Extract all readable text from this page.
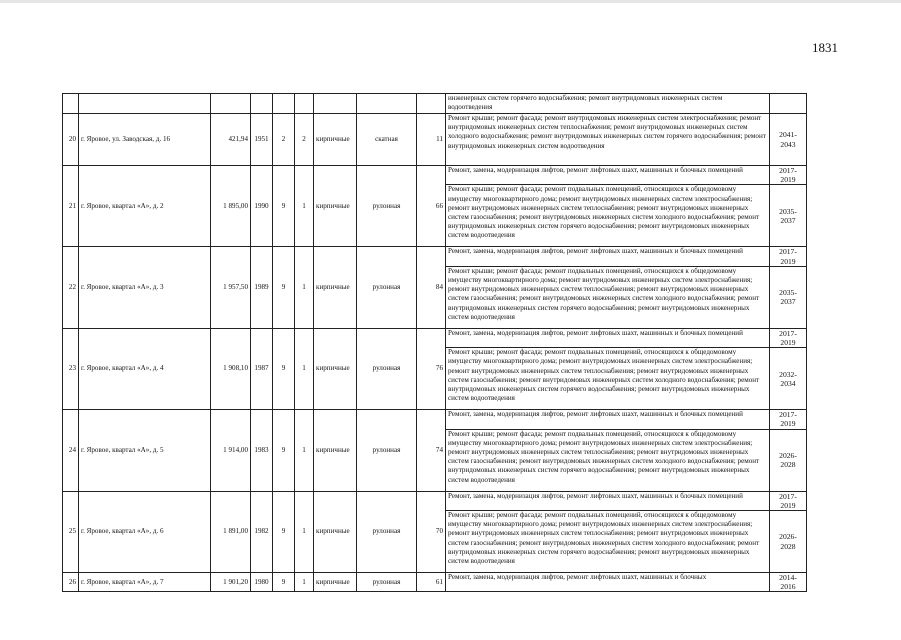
1831
									инженерных систем горячего водоснабжения; ремонт внутридомовых инженерных систем водоотведения	
20	г. Яровое, ул. Заводская, д. 16	421,94	1951	2	2	кирпичные	скатная	11	Ремонт крыши; ремонт фасада; ремонт внутридомовых инженерных систем электроснабжения; ремонт внутридомовых инженерных систем теплоснабжения; ремонт внутридомовых инженерных систем холодного водоснабжения; ремонт внутридомовых инженерных систем горячего водоснабжения; ремонт внутридомовых инженерных систем водоотведения	2041-2043
21	г. Яровое, квартал «А», д. 2	1 895,00	1990	9	1	кирпичные	рулонная	66	Ремонт, замена, модернизация лифтов, ремонт лифтовых шахт, машинных и блочных помещений	2017-2019
									Ремонт крыши; ремонт фасада; ремонт подвальных помещений, относящихся к общедомовому имуществу многоквартирного дома; ремонт внутридомовых инженерных систем электроснабжения; ремонт внутридомовых инженерных систем теплоснабжения; ремонт внутридомовых инженерных систем газоснабжения; ремонт внутридомовых инженерных систем холодного водоснабжения; ремонт внутридомовых инженерных систем горячего водоснабжения; ремонт внутридомовых инженерных систем водоотведения	2035-2037
22	г. Яровое, квартал «А», д. 3	1 957,50	1989	9	1	кирпичные	рулонная	84	Ремонт, замена, модернизация лифтов, ремонт лифтовых шахт, машинных и блочных помещений	2017-2019
									Ремонт крыши; ремонт фасада; ремонт подвальных помещений, относящихся к общедомовому имуществу многоквартирного дома; ремонт внутридомовых инженерных систем электроснабжения; ремонт внутридомовых инженерных систем теплоснабжения; ремонт внутридомовых инженерных систем газоснабжения; ремонт внутридомовых инженерных систем холодного водоснабжения; ремонт внутридомовых инженерных систем горячего водоснабжения; ремонт внутридомовых инженерных систем водоотведения	2035-2037
23	г. Яровое, квартал «А», д. 4	1 908,10	1987	9	1	кирпичные	рулонная	76	Ремонт, замена, модернизация лифтов, ремонт лифтовых шахт, машинных и блочных помещений	2017-2019
									Ремонт крыши; ремонт фасада; ремонт подвальных помещений, относящихся к общедомовому имуществу многоквартирного дома; ремонт внутридомовых инженерных систем электроснабжения; ремонт внутридомовых инженерных систем теплоснабжения; ремонт внутридомовых инженерных систем газоснабжения; ремонт внутридомовых инженерных систем холодного водоснабжения; ремонт внутридомовых инженерных систем горячего водоснабжения; ремонт внутридомовых инженерных систем водоотведения	2032-2034
24	г. Яровое, квартал «А», д. 5	1 914,00	1983	9	1	кирпичные	рулонная	74	Ремонт, замена, модернизация лифтов, ремонт лифтовых шахт, машинных и блочных помещений	2017-2019
									Ремонт крыши; ремонт фасада; ремонт подвальных помещений, относящихся к общедомовому имуществу многоквартирного дома; ремонт внутридомовых инженерных систем электроснабжения; ремонт внутридомовых инженерных систем теплоснабжения; ремонт внутридомовых инженерных систем газоснабжения; ремонт внутридомовых инженерных систем холодного водоснабжения; ремонт внутридомовых инженерных систем горячего водоснабжения; ремонт внутридомовых инженерных систем водоотведения	2026-2028
25	г. Яровое, квартал «А», д. 6	1 891,00	1982	9	1	кирпичные	рулонная	70	Ремонт, замена, модернизация лифтов, ремонт лифтовых шахт, машинных и блочных помещений	2017-2019
									Ремонт крыши; ремонт фасада; ремонт подвальных помещений, относящихся к общедомовому имуществу многоквартирного дома; ремонт внутридомовых инженерных систем электроснабжения; ремонт внутридомовых инженерных систем теплоснабжения; ремонт внутридомовых инженерных систем газоснабжения; ремонт внутридомовых инженерных систем холодного водоснабжения; ремонт внутридомовых инженерных систем горячего водоснабжения; ремонт внутридомовых инженерных систем водоотведения	2026-2028
26	г. Яровое, квартал «А», д. 7	1 901,20	1980	9	1	кирпичные	рулонная	61	Ремонт, замена, модернизация лифтов, ремонт лифтовых шахт, машинных и блочных	2014-2016
